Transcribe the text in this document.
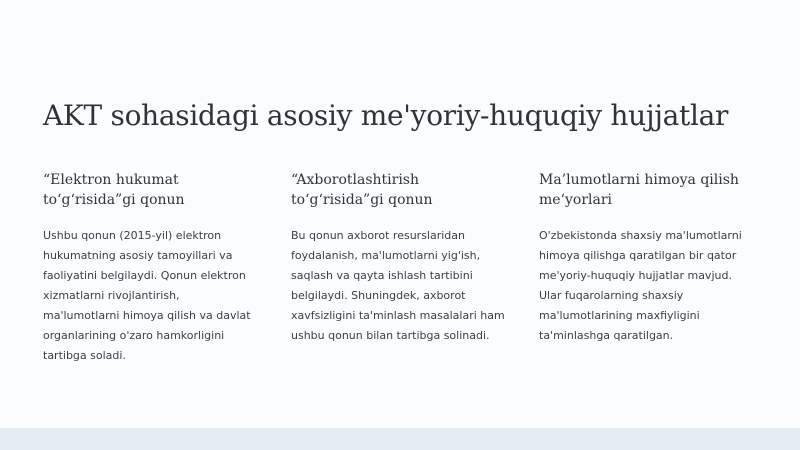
AKT sohasidagi asosiy me'yoriy-huquqiy hujjatlar
“Elektron hukumat to‘g‘risida”gi qonun

Ushbu qonun (2015-yil) elektron hukumatning asosiy tamoyillari va faoliyatini belgilaydi. Qonun elektron xizmatlarni rivojlantirish, ma'lumotlarni himoya qilish va davlat organlarining o'zaro hamkorligini tartibga soladi.

“Axborotlashtirish to‘g‘risida”gi qonun

Bu qonun axborot resurslaridan foydalanish, ma'lumotlarni yig'ish, saqlash va qayta ishlash tartibini belgilaydi. Shuningdek, axborot xavfsizligini ta'minlash masalalari ham ushbu qonun bilan tartibga solinadi.

Ma’lumotlarni himoya qilish me‘yorlari

O'zbekistonda shaxsiy ma'lumotlarni himoya qilishga qaratilgan bir qator me'yoriy-huquqiy hujjatlar mavjud. Ular fuqarolarning shaxsiy ma'lumotlarining maxfiyligini ta'minlashga qaratilgan.
